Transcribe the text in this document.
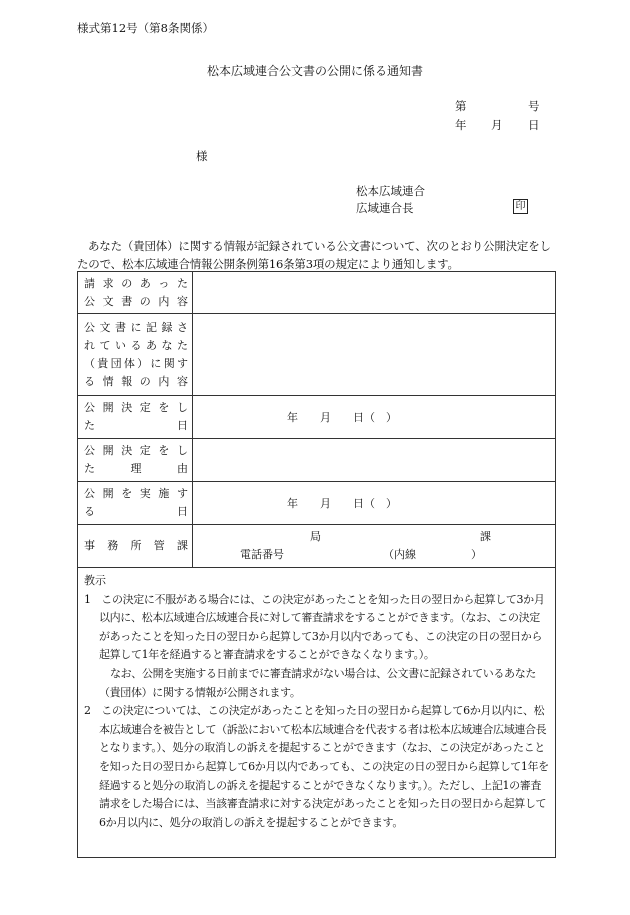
様式第12号（第8条関係）
松本広域連合公文書の公開に係る通知書
第	号
年 月 日
様
松本広域連合
広域連合長	印
あなた（貴団体）に関する情報が記録されている公文書について、次のとおり公開決定をしたので、松本広域連合情報公開条例第16条第3項の規定により通知します。
請求のあった
公文書の内容	

公文書に記録さ
れているあなた
（貴団体）に関す
る情報の内容	

公開決定をし
た 日	年　　月　　日（　）

公開決定をし
た 理 由	

公開を実施す
る 日	年　　月　　日（　）

事務所管課	局 課
電話番号 （内線　　　　　）

教示
1　この決定に不服がある場合には、この決定があったことを知った日の翌日から起算して3か月以内に、松本広域連合広域連合長に対して審査請求をすることができます。（なお、この決定があったことを知った日の翌日から起算して3か月以内であっても、この決定の日の翌日から起算して1年を経過すると審査請求をすることができなくなります。）。
なお、公開を実施する日前までに審査請求がない場合は、公文書に記録されているあなた（貴団体）に関する情報が公開されます。
2　この決定については、この決定があったことを知った日の翌日から起算して6か月以内に、松本広域連合を被告として（訴訟において松本広域連合を代表する者は松本広域連合広域連合長となります。）、処分の取消しの訴えを提起することができます（なお、この決定があったことを知った日の翌日から起算して6か月以内であっても、この決定の日の翌日から起算して1年を経過すると処分の取消しの訴えを提起することができなくなります。）。ただし、上記1の審査請求をした場合には、当該審査請求に対する決定があったことを知った日の翌日から起算して6か月以内に、処分の取消しの訴えを提起することができます。	
